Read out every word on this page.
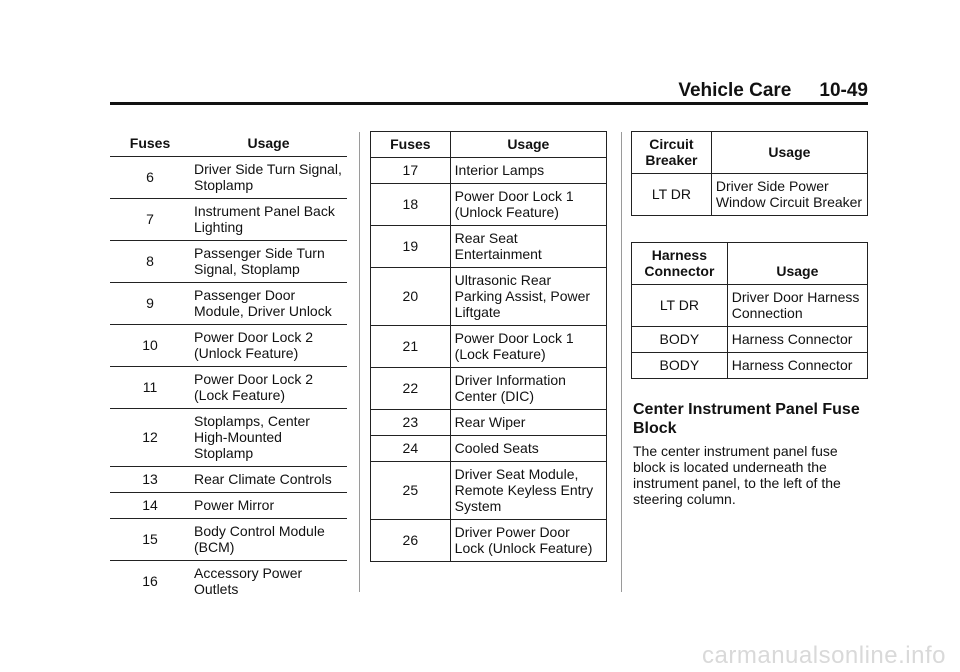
Vehicle Care 10-49
Fuses	Usage
6	Driver Side Turn Signal, Stoplamp
7	Instrument Panel Back Lighting
8	Passenger Side Turn Signal, Stoplamp
9	Passenger Door Module, Driver Unlock
10	Power Door Lock 2 (Unlock Feature)
11	Power Door Lock 2 (Lock Feature)
12	Stoplamps, Center High-Mounted Stoplamp
13	Rear Climate Controls
14	Power Mirror
15	Body Control Module (BCM)
16	Accessory Power Outlets
Fuses	Usage
17	Interior Lamps
18	Power Door Lock 1 (Unlock Feature)
19	Rear Seat Entertainment
20	Ultrasonic Rear Parking Assist, Power Liftgate
21	Power Door Lock 1 (Lock Feature)
22	Driver Information Center (DIC)
23	Rear Wiper
24	Cooled Seats
25	Driver Seat Module, Remote Keyless Entry System
26	Driver Power Door Lock (Unlock Feature)
Circuit Breaker	Usage
LT DR	Driver Side Power Window Circuit Breaker
Harness Connector	Usage
LT DR	Driver Door Harness Connection
BODY	Harness Connector
BODY	Harness Connector
Center Instrument Panel Fuse Block
The center instrument panel fuse block is located underneath the instrument panel, to the left of the steering column.
carmanualsonline.info
